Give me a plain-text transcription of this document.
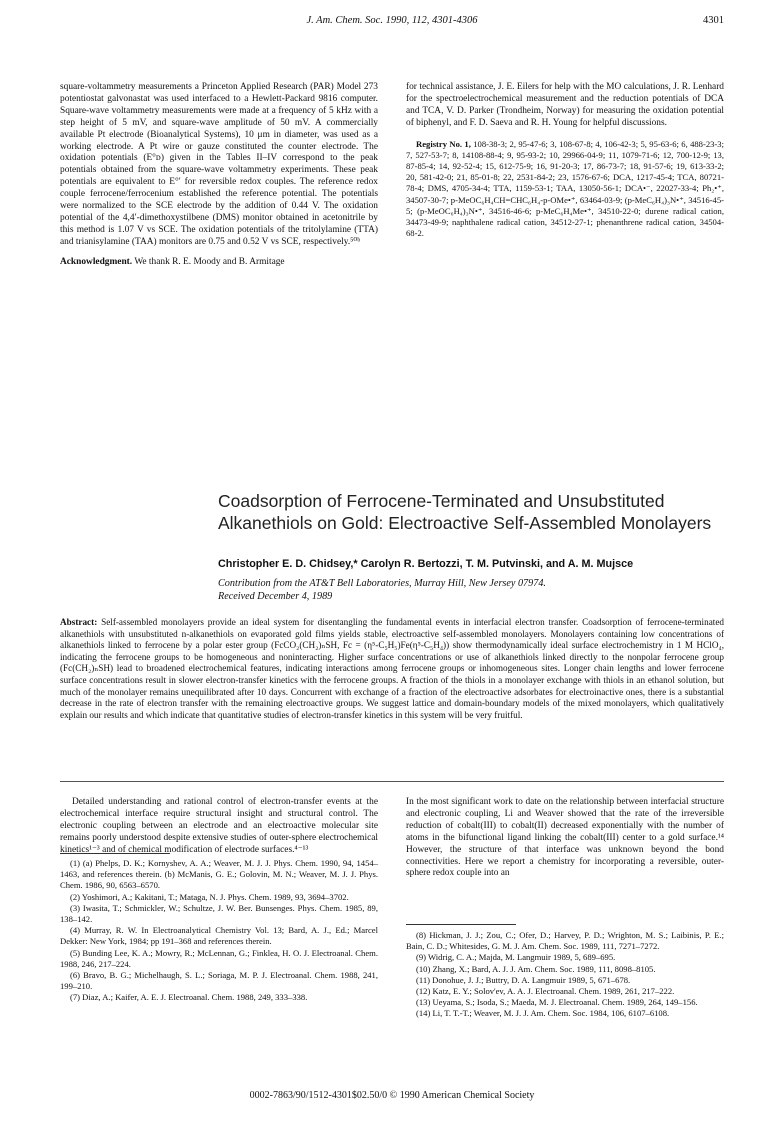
J. Am. Chem. Soc. 1990, 112, 4301-4306	4301

square-voltammetry measurements a Princeton Applied Research (PAR) Model 273 potentiostat galvonastat was used interfaced to a Hewlett-Packard 9816 computer. Square-wave voltammetry measurements were made at a frequency of 5 kHz with a step height of 5 mV, and square-wave amplitude of 50 mV. A commercially available Pt electrode (Bioanalytical Systems), 10 μm in diameter, was used as a working electrode. A Pt wire or gauze constituted the counter electrode. The oxidation potentials (E°ᴅ) given in the Tables II–IV correspond to the peak potentials obtained from the square-wave voltammetry experiments. These peak potentials are equivalent to E°′ for reversible redox couples. The reference redox couple ferrocene/ferrocenium established the reference potential. The potentials were normalized to the SCE electrode by the addition of 0.44 V. The oxidation potential of the 4,4′-dimethoxystilbene (DMS) monitor obtained in acetonitrile by this method is 1.07 V vs SCE. The oxidation potentials of the tritolylamine (TTA) and trianisylamine (TAA) monitors are 0.75 and 0.52 V vs SCE, respectively.⁵⁰ᵇ

Acknowledgment. We thank R. E. Moody and B. Armitage

for technical assistance, J. E. Eilers for help with the MO calculations, J. R. Lenhard for the spectroelectrochemical measurement and the reduction potentials of DCA and TCA, V. D. Parker (Trondheim, Norway) for measuring the oxidation potential of biphenyl, and F. D. Saeva and R. H. Young for helpful discussions.

Registry No. 1, 108-38-3; 2, 95-47-6; 3, 108-67-8; 4, 106-42-3; 5, 95-63-6; 6, 488-23-3; 7, 527-53-7; 8, 14108-88-4; 9, 95-93-2; 10, 29966-04-9; 11, 1079-71-6; 12, 700-12-9; 13, 87-85-4; 14, 92-52-4; 15, 612-75-9; 16, 91-20-3; 17, 86-73-7; 18, 91-57-6; 19, 613-33-2; 20, 581-42-0; 21, 85-01-8; 22, 2531-84-2; 23, 1576-67-6; DCA, 1217-45-4; TCA, 80721-78-4; DMS, 4705-34-4; TTA, 1159-53-1; TAA, 13050-56-1; DCA•⁻, 22027-33-4; Ph₂•⁺, 34507-30-7; p-MeOC₆H₄CH=CHC₆H₄-p-OMe•⁺, 63464-03-9; (p-MeC₆H₄)₃N•⁺, 34516-45-5; (p-MeOC₆H₄)₃N•⁺, 34516-46-6; p-MeC₆H₄Me•⁺, 34510-22-0; durene radical cation, 34473-49-9; naphthalene radical cation, 34512-27-1; phenanthrene radical cation, 34504-68-2.

Coadsorption of Ferrocene-Terminated and Unsubstituted Alkanethiols on Gold: Electroactive Self-Assembled Monolayers
Christopher E. D. Chidsey,* Carolyn R. Bertozzi, T. M. Putvinski, and A. M. Mujsce
Contribution from the AT&T Bell Laboratories, Murray Hill, New Jersey 07974.
Received December 4, 1989
Abstract: Self-assembled monolayers provide an ideal system for disentangling the fundamental events in interfacial electron transfer. Coadsorption of ferrocene-terminated alkanethiols with unsubstituted n-alkanethiols on evaporated gold films yields stable, electroactive self-assembled monolayers. Monolayers containing low concentrations of alkanethiols linked to ferrocene by a polar ester group (FcCO₂(CH₂)ₙSH, Fc = (η⁵-C₅H₅)Fe(η⁵-C₅H₄)) show thermodynamically ideal surface electrochemistry in 1 M HClO₄, indicating the ferrocene groups to be homogeneous and noninteracting. Higher surface concentrations or use of alkanethiols linked directly to the nonpolar ferrocene group (Fc(CH₂)ₙSH) lead to broadened electrochemical features, indicating interactions among ferrocene groups or inhomogeneous sites. Longer chain lengths and lower ferrocene surface concentrations result in slower electron-transfer kinetics with the ferrocene groups. A fraction of the thiols in a monolayer exchange with thiols in an ethanol solution, but much of the monolayer remains unequilibrated after 10 days. Concurrent with exchange of a fraction of the electroactive adsorbates for electroinactive ones, there is a substantial decrease in the rate of electron transfer with the remaining electroactive groups. We suggest lattice and domain-boundary models of the mixed monolayers, which qualitatively explain our results and which indicate that quantitative studies of electron-transfer kinetics in this system will be very fruitful.

Detailed understanding and rational control of electron-transfer events at the electrochemical interface require structural insight and structural control. The electronic coupling between an electrode and an electroactive molecular site remains poorly understood despite extensive studies of outer-sphere electrochemical kinetics¹⁻³ and of chemical modification of electrode surfaces.⁴⁻¹³

In the most significant work to date on the relationship between interfacial structure and electronic coupling, Li and Weaver showed that the rate of the irreversible reduction of cobalt(III) to cobalt(II) decreased exponentially with the number of atoms in the bifunctional ligand linking the cobalt(III) center to a gold surface.¹⁴ However, the structure of that interface was unknown beyond the bond connectivities. Here we report a chemistry for incorporating a reversible, outer-sphere redox couple into an

(1) (a) Phelps, D. K.; Kornyshev, A. A.; Weaver, M. J. J. Phys. Chem. 1990, 94, 1454–1463, and references therein. (b) McManis, G. E.; Golovin, M. N.; Weaver, M. J. J. Phys. Chem. 1986, 90, 6563–6570.

(2) Yoshimori, A.; Kakitani, T.; Mataga, N. J. Phys. Chem. 1989, 93, 3694–3702.

(3) Iwasita, T.; Schmickler, W.; Schultze, J. W. Ber. Bunsenges. Phys. Chem. 1985, 89, 138–142.

(4) Murray, R. W. In Electroanalytical Chemistry Vol. 13; Bard, A. J., Ed.; Marcel Dekker: New York, 1984; pp 191–368 and references therein.

(5) Bunding Lee, K. A.; Mowry, R.; McLennan, G.; Finklea, H. O. J. Electroanal. Chem. 1988, 246, 217–224.

(6) Bravo, B. G.; Michelhaugh, S. L.; Soriaga, M. P. J. Electroanal. Chem. 1988, 241, 199–210.

(7) Diaz, A.; Kaifer, A. E. J. Electroanal. Chem. 1988, 249, 333–338.

(8) Hickman, J. J.; Zou, C.; Ofer, D.; Harvey, P. D.; Wrighton, M. S.; Laibinis, P. E.; Bain, C. D.; Whitesides, G. M. J. Am. Chem. Soc. 1989, 111, 7271–7272.

(9) Widrig, C. A.; Majda, M. Langmuir 1989, 5, 689–695.

(10) Zhang, X.; Bard, A. J. J. Am. Chem. Soc. 1989, 111, 8098–8105.

(11) Donohue, J. J.; Buttry, D. A. Langmuir 1989, 5, 671–678.

(12) Katz, E. Y.; Solov'ev, A. A. J. Electroanal. Chem. 1989, 261, 217–222.

(13) Ueyama, S.; Isoda, S.; Maeda, M. J. Electroanal. Chem. 1989, 264, 149–156.

(14) Li, T. T.-T.; Weaver, M. J. J. Am. Chem. Soc. 1984, 106, 6107–6108.

0002-7863/90/1512-4301$02.50/0 © 1990 American Chemical Society
